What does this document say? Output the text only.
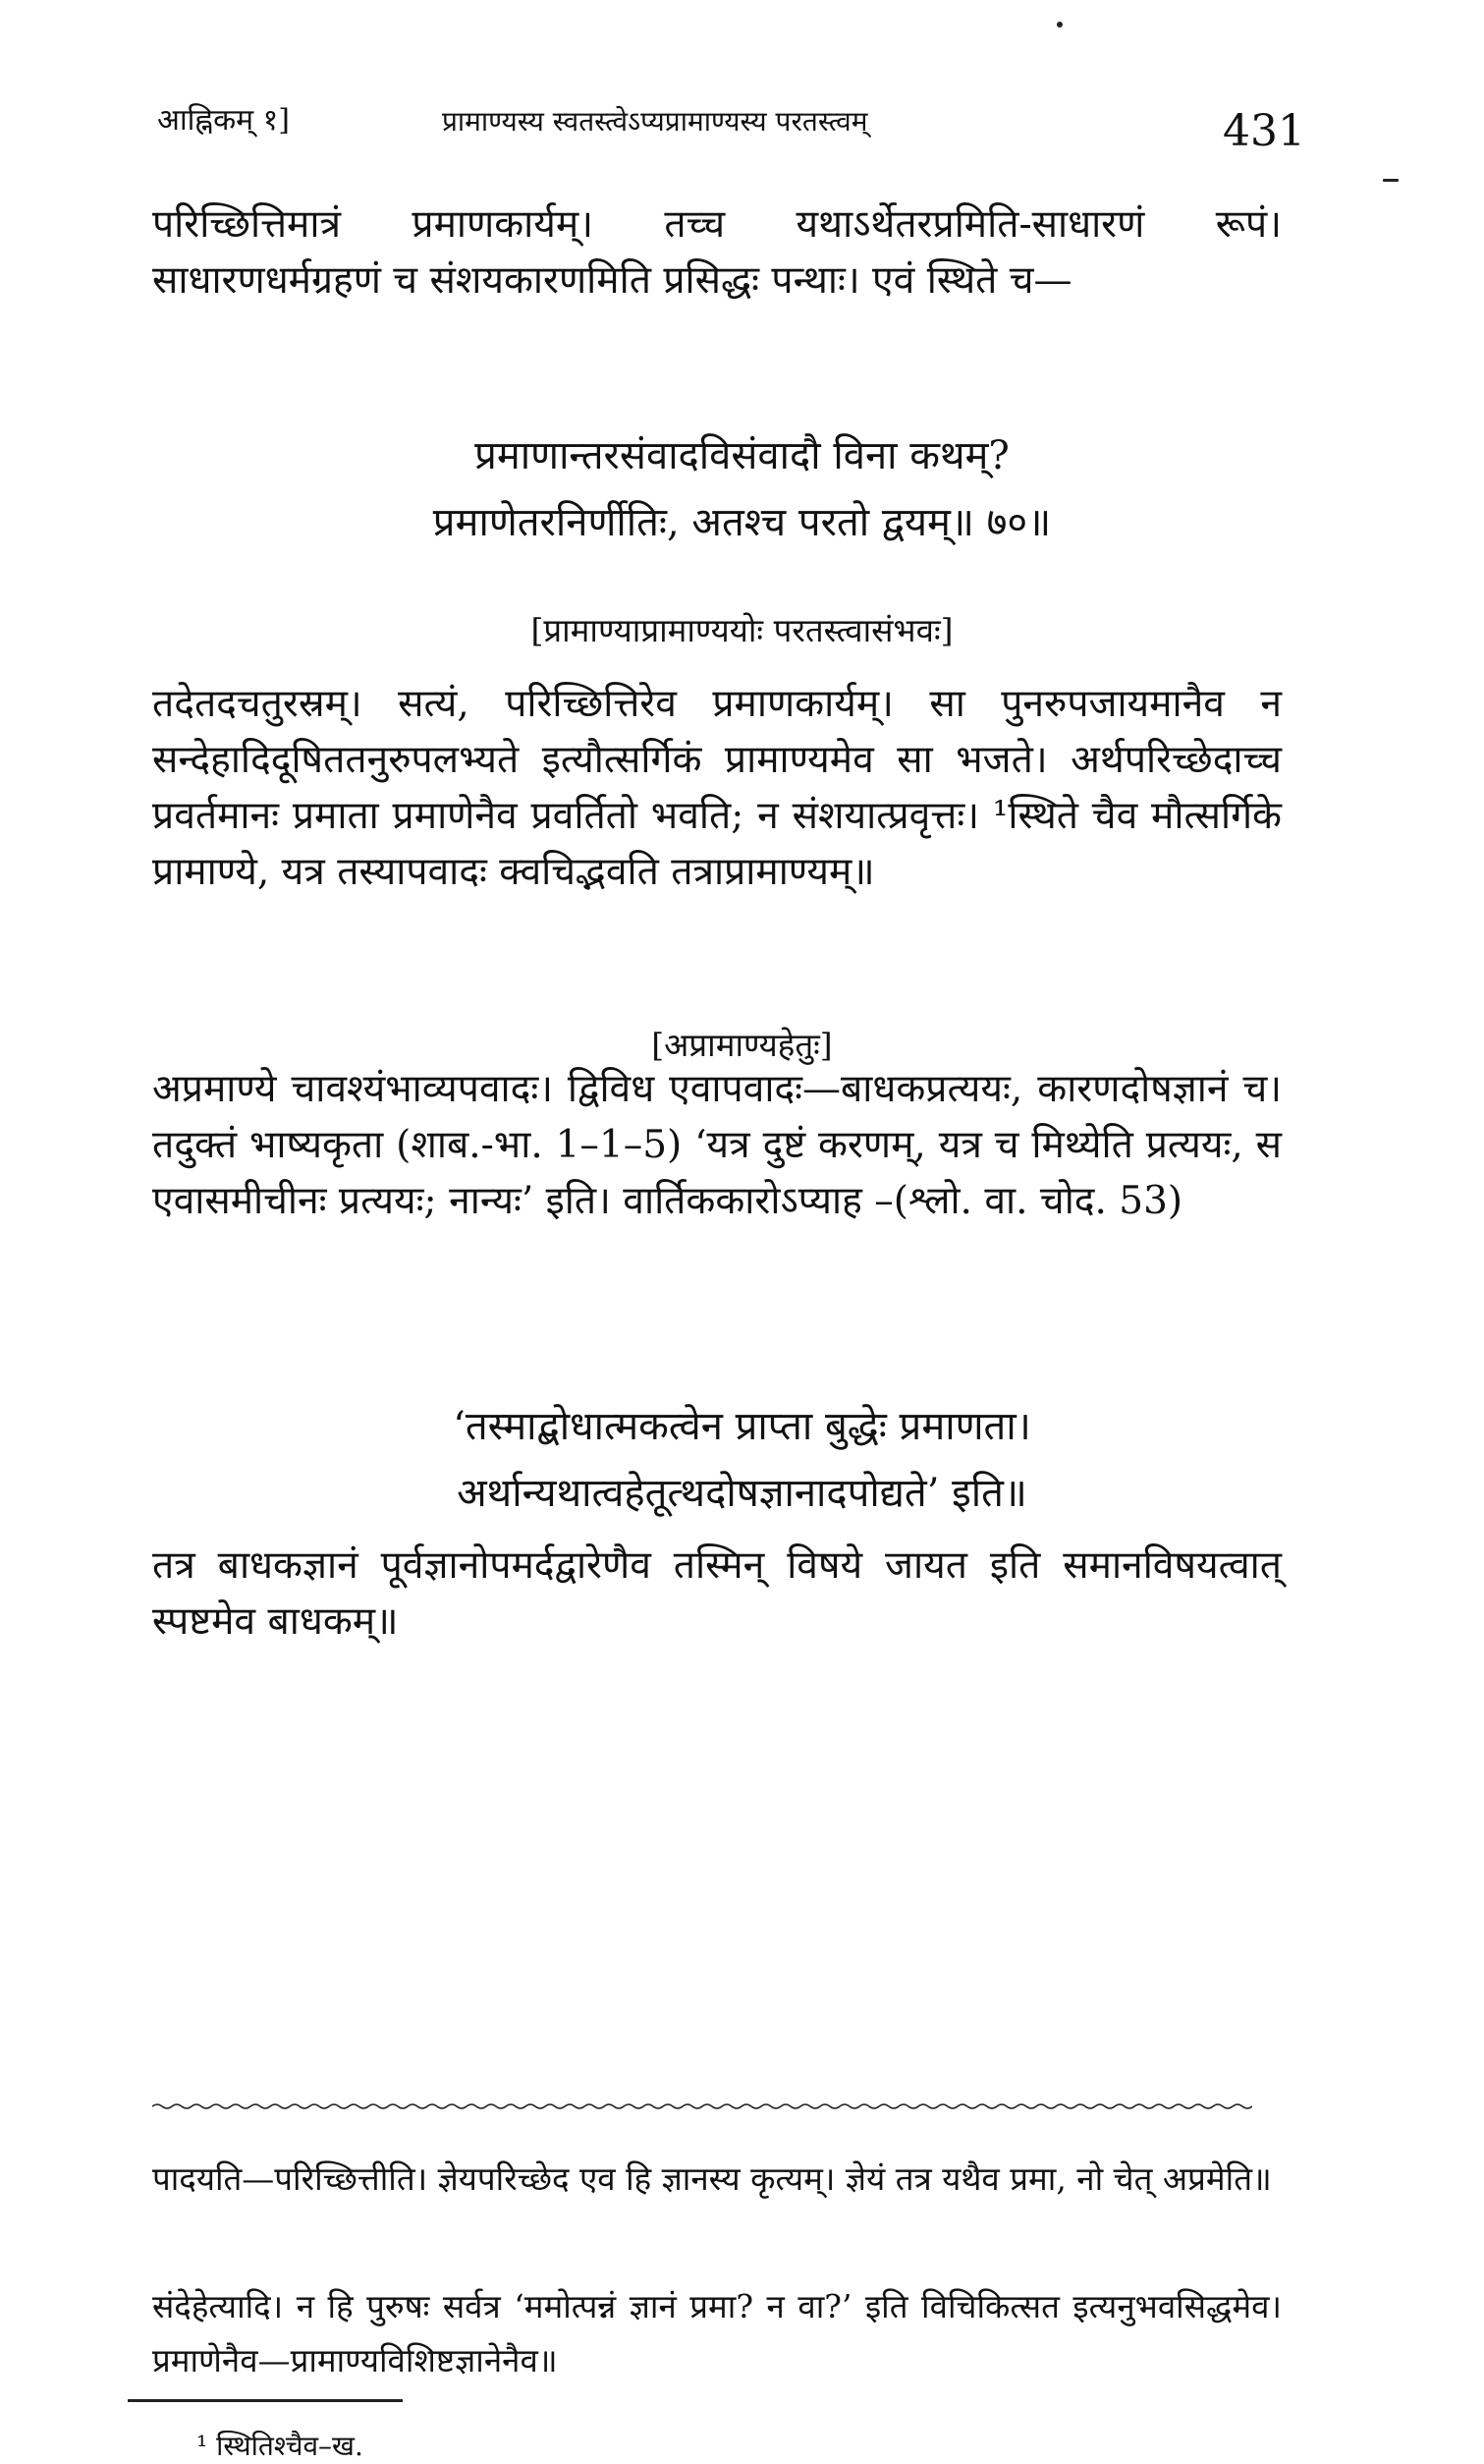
आह्निकम् १]	प्रामाण्यस्य स्वतस्त्वेऽप्यप्रामाण्यस्य परतस्त्वम्	431
परिच्छित्तिमात्रं प्रमाणकार्यम्। तच्च यथाऽर्थेतरप्रमिति-साधारणं रूपं। साधारणधर्मग्रहणं च संशयकारणमिति प्रसिद्धः पन्थाः। एवं स्थिते च—
प्रमाणान्तरसंवादविसंवादौ विना कथम्?
प्रमाणेतरनिर्णीतिः, अतश्च परतो द्वयम्॥ ७०॥
[प्रामाण्याप्रामाण्ययोः परतस्त्वासंभवः]
तदेतदचतुरस्रम्। सत्यं, परिच्छित्तिरेव प्रमाणकार्यम्। सा पुनरुपजायमानैव न सन्देहादिदूषिततनुरुपलभ्यते इत्यौत्सर्गिकं प्रामाण्यमेव सा भजते। अर्थपरिच्छेदाच्च प्रवर्तमानः प्रमाता प्रमाणेनैव प्रवर्तितो भवति; न संशयात्प्रवृत्तः। ¹स्थिते चैव मौत्सर्गिके प्रामाण्ये, यत्र तस्यापवादः क्वचिद्भवति तत्राप्रामाण्यम्॥
[अप्रामाण्यहेतुः]
अप्रमाण्ये चावश्यंभाव्यपवादः। द्विविध एवापवादः—बाधकप्रत्ययः, कारणदोषज्ञानं च। तदुक्तं भाष्यकृता (शाब.-भा. 1–1–5) ‘यत्र दुष्टं करणम्, यत्र च मिथ्येति प्रत्ययः, स एवासमीचीनः प्रत्ययः; नान्यः’ इति। वार्तिककारोऽप्याह –(श्लो. वा. चोद. 53)
‘तस्माद्बोधात्मकत्वेन प्राप्ता बुद्धेः प्रमाणता।
अर्थान्यथात्वहेतूत्थदोषज्ञानादपोद्यते’ इति॥
तत्र बाधकज्ञानं पूर्वज्ञानोपमर्दद्वारेणैव तस्मिन् विषये जायत इति समानविषयत्वात् स्पष्टमेव बाधकम्॥
पादयति—परिच्छित्तीति। ज्ञेयपरिच्छेद एव हि ज्ञानस्य कृत्यम्। ज्ञेयं तत्र यथैव प्रमा, नो चेत् अप्रमेति॥
संदेहेत्यादि। न हि पुरुषः सर्वत्र ‘ममोत्पन्नं ज्ञानं प्रमा? न वा?’ इति विचिकित्सत इत्यनुभवसिद्धमेव। प्रमाणेनैव—प्रामाण्यविशिष्टज्ञानेनैव॥
¹ स्थितिश्चैव–ख.
